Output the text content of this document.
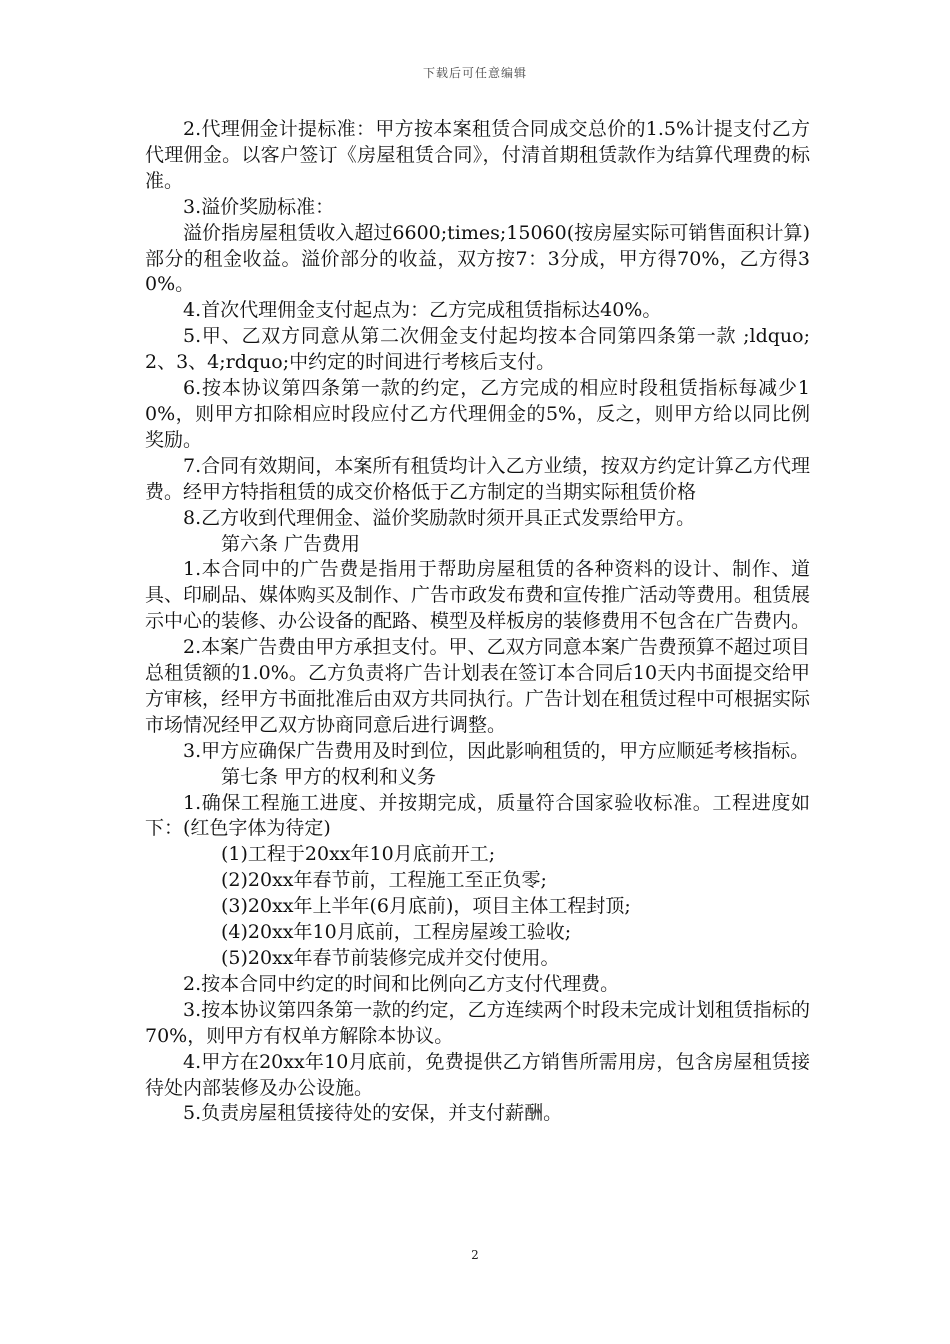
下载后可任意编辑

2.代理佣金计提标准：甲方按本案租赁合同成交总价的1.5%计提支付乙方代理佣金。以客户签订《房屋租赁合同》，付清首期租赁款作为结算代理费的标准。

3.溢价奖励标准：

溢价指房屋租赁收入超过6600;times;15060(按房屋实际可销售面积计算)部分的租金收益。溢价部分的收益，双方按7：3分成，甲方得70%，乙方得30%。

4.首次代理佣金支付起点为：乙方完成租赁指标达40%。

5.甲、乙双方同意从第二次佣金支付起均按本合同第四条第一款 ;ldquo;2、3、4;rdquo;中约定的时间进行考核后支付。

6.按本协议第四条第一款的约定，乙方完成的相应时段租赁指标每减少10%，则甲方扣除相应时段应付乙方代理佣金的5%，反之，则甲方给以同比例奖励。

7.合同有效期间，本案所有租赁均计入乙方业绩，按双方约定计算乙方代理费。经甲方特指租赁的成交价格低于乙方制定的当期实际租赁价格

8.乙方收到代理佣金、溢价奖励款时须开具正式发票给甲方。

第六条 广告费用

1.本合同中的广告费是指用于帮助房屋租赁的各种资料的设计、制作、道具、印刷品、媒体购买及制作、广告市政发布费和宣传推广活动等费用。租赁展示中心的装修、办公设备的配路、模型及样板房的装修费用不包含在广告费内。

2.本案广告费由甲方承担支付。甲、乙双方同意本案广告费预算不超过项目总租赁额的1.0%。乙方负责将广告计划表在签订本合同后10天内书面提交给甲方审核，经甲方书面批准后由双方共同执行。广告计划在租赁过程中可根据实际市场情况经甲乙双方协商同意后进行调整。

3.甲方应确保广告费用及时到位，因此影响租赁的，甲方应顺延考核指标。

第七条 甲方的权利和义务

1.确保工程施工进度、并按期完成，质量符合国家验收标准。工程进度如下：(红色字体为待定)

(1)工程于20xx年10月底前开工;

(2)20xx年春节前，工程施工至正负零;

(3)20xx年上半年(6月底前)，项目主体工程封顶;

(4)20xx年10月底前，工程房屋竣工验收;

(5)20xx年春节前装修完成并交付使用。

2.按本合同中约定的时间和比例向乙方支付代理费。

3.按本协议第四条第一款的约定，乙方连续两个时段未完成计划租赁指标的70%，则甲方有权单方解除本协议。

4.甲方在20xx年10月底前，免费提供乙方销售所需用房，包含房屋租赁接待处内部装修及办公设施。

5.负责房屋租赁接待处的安保，并支付薪酬。

2
